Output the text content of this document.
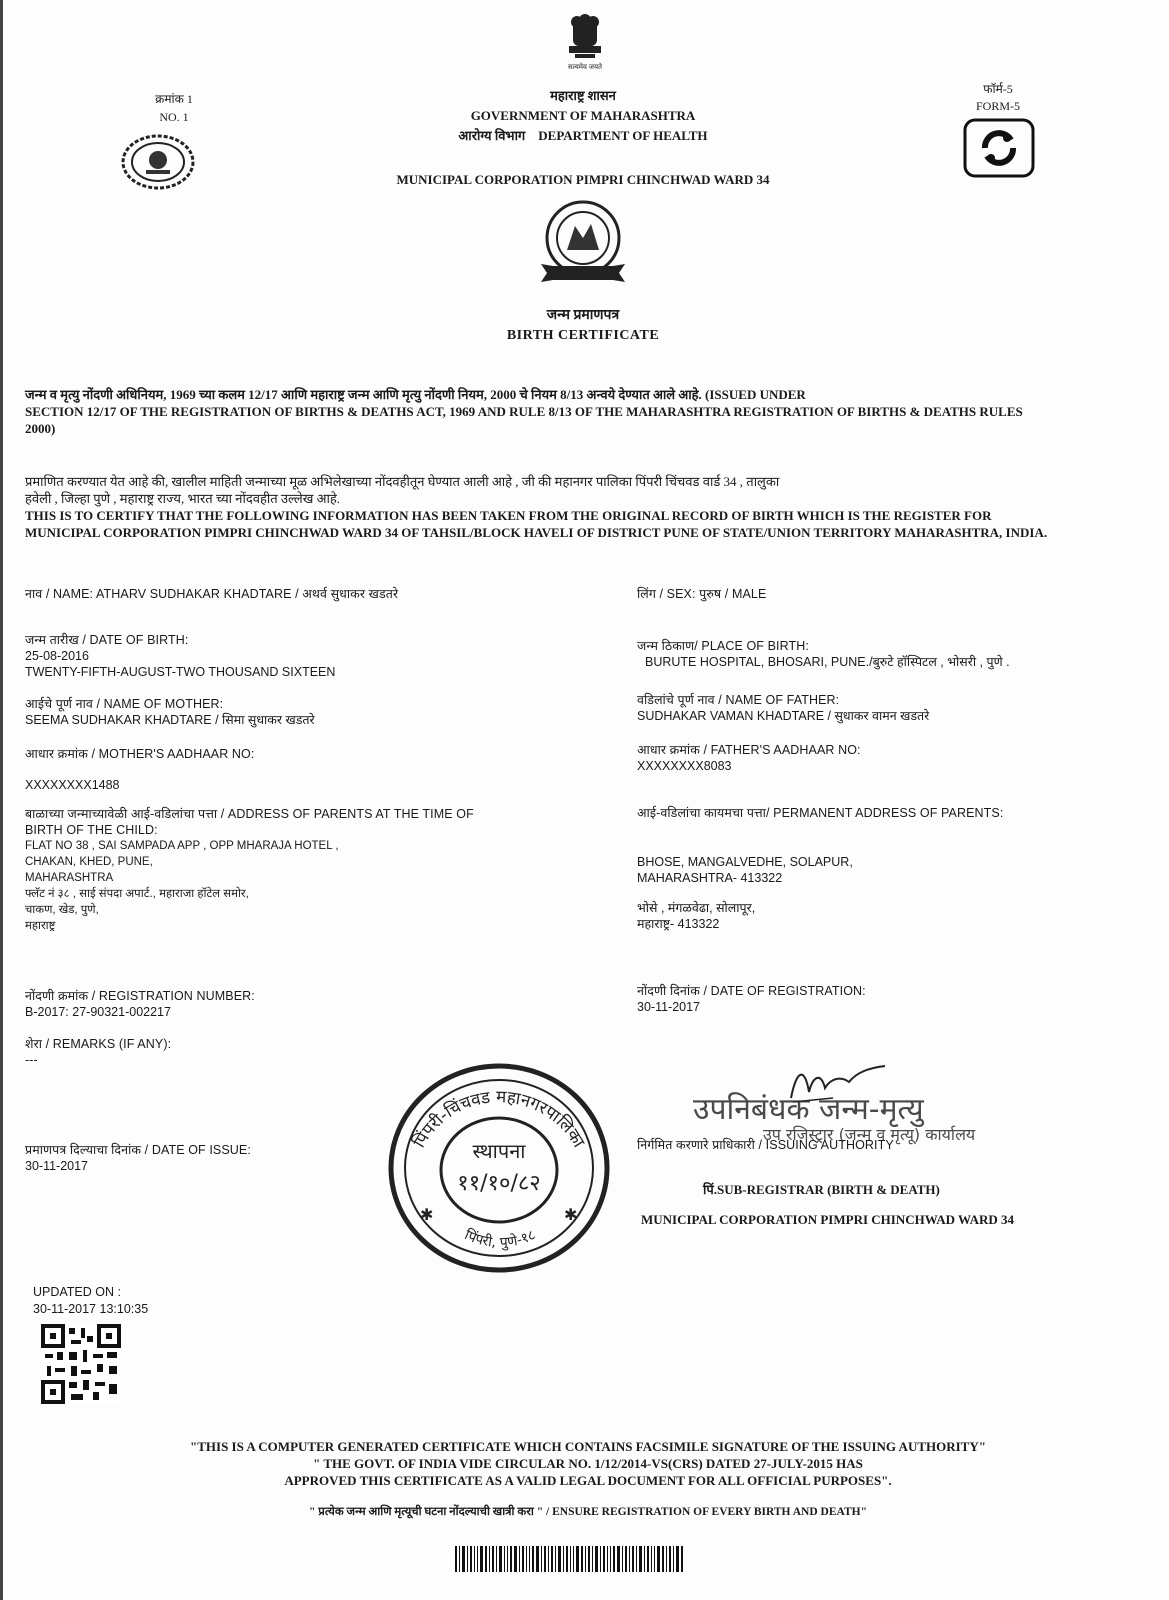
सत्यमेव जयते
क्रमांक 1
NO. 1
महाराष्ट्र शासन
GOVERNMENT OF MAHARASHTRA
आरोग्य विभाग    DEPARTMENT OF HEALTH
फॉर्म-5
FORM-5
MUNICIPAL CORPORATION PIMPRI CHINCHWAD WARD 34
जन्म प्रमाणपत्र
BIRTH CERTIFICATE
जन्म व मृत्यु नोंदणी अधिनियम, 1969 च्या कलम 12/17 आणि महाराष्ट्र जन्म आणि मृत्यु नोंदणी नियम, 2000 चे नियम 8/13 अन्वये देण्यात आले आहे. (ISSUED UNDER
SECTION 12/17 OF THE REGISTRATION OF BIRTHS & DEATHS ACT, 1969 AND RULE 8/13 OF THE MAHARASHTRA REGISTRATION OF BIRTHS & DEATHS RULES
2000)
प्रमाणित करण्यात येत आहे की, खालील माहिती जन्माच्या मूळ अभिलेखाच्या नोंदवहीतून घेण्यात आली आहे , जी की महानगर पालिका पिंपरी चिंचवड वार्ड 34 , तालुका
हवेली , जिल्हा पुणे , महाराष्ट्र राज्य, भारत च्या नोंदवहीत उल्लेख आहे.
THIS IS TO CERTIFY THAT THE FOLLOWING INFORMATION HAS BEEN TAKEN FROM THE ORIGINAL RECORD OF BIRTH WHICH IS THE REGISTER FOR
MUNICIPAL CORPORATION PIMPRI CHINCHWAD WARD 34 OF TAHSIL/BLOCK HAVELI OF DISTRICT PUNE OF STATE/UNION TERRITORY MAHARASHTRA, INDIA.
नाव / NAME: ATHARV SUDHAKAR KHADTARE / अथर्व सुधाकर खडतरे
जन्म तारीख / DATE OF BIRTH:
25-08-2016
TWENTY-FIFTH-AUGUST-TWO THOUSAND SIXTEEN
आईचे पूर्ण नाव / NAME OF MOTHER:
SEEMA SUDHAKAR KHADTARE / सिमा सुधाकर खडतरे
आधार क्रमांक / MOTHER'S AADHAAR NO:
XXXXXXXX1488
बाळाच्या जन्माच्यावेळी आई-वडिलांचा पत्ता / ADDRESS OF PARENTS AT THE TIME OF
BIRTH OF THE CHILD:
FLAT NO 38 , SAI SAMPADA APP , OPP MHARAJA HOTEL ,
CHAKAN, KHED, PUNE,
MAHARASHTRA
फ्लॅट नं ३८ , साई संपदा अपार्ट., महाराजा हॉटेल समोर,
चाकण, खेड, पुणे,
महाराष्ट्र
नोंदणी क्रमांक / REGISTRATION NUMBER:
B-2017: 27-90321-002217
शेरा / REMARKS (IF ANY):
---
प्रमाणपत्र दिल्याचा दिनांक / DATE OF ISSUE:
30-11-2017
लिंग / SEX: पुरुष / MALE
जन्म ठिकाण/ PLACE OF BIRTH:
BURUTE HOSPITAL, BHOSARI, PUNE./बुरुटे हॉस्पिटल , भोसरी , पुणे .
वडिलांचे पूर्ण नाव / NAME OF FATHER:
SUDHAKAR VAMAN KHADTARE / सुधाकर वामन खडतरे
आधार क्रमांक / FATHER'S AADHAAR NO:
XXXXXXXX8083
आई-वडिलांचा कायमचा पत्ता/ PERMANENT ADDRESS OF PARENTS:
BHOSE, MANGALVEDHE, SOLAPUR,
MAHARASHTRA- 413322
भोसे , मंगळवेढा, सोलापूर,
महाराष्ट्र- 413322
नोंदणी दिनांक / DATE OF REGISTRATION:
30-11-2017
पिंपरी-चिंचवड महानगरपालिका
पिंपरी, पुणे-१८
स्थापना
११/१०/८२
✱	✱
उपनिबंधक जन्म-मृत्यु
उप रजिस्ट्रार (जन्म व मृत्यू) कार्यालय
निर्गमित करणारे प्राधिकारी / ISSUING AUTHORITY
पिं.SUB-REGISTRAR (BIRTH & DEATH)
MUNICIPAL CORPORATION PIMPRI CHINCHWAD WARD 34
UPDATED ON :
30-11-2017 13:10:35
"THIS IS A COMPUTER GENERATED CERTIFICATE WHICH CONTAINS FACSIMILE SIGNATURE OF THE ISSUING AUTHORITY"
" THE GOVT. OF INDIA VIDE CIRCULAR NO. 1/12/2014-VS(CRS) DATED 27-JULY-2015 HAS
APPROVED THIS CERTIFICATE AS A VALID LEGAL DOCUMENT FOR ALL OFFICIAL PURPOSES".
" प्रत्येक जन्म आणि मृत्यूची घटना नोंदल्याची खात्री करा " / ENSURE REGISTRATION OF EVERY BIRTH AND DEATH"
